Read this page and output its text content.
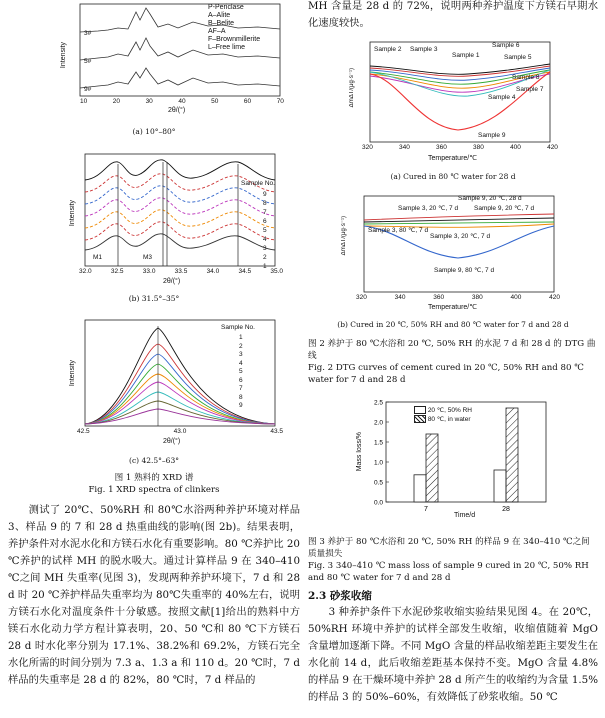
P-Periclase
A–Alite
B–Belite
AF–A
F–Brownmillerite
L–Free lime
3#
5#
9#
Intensity
10	20	30	40	50	60	70
2θ/(°)
(a) 10°–80°
Sample No.
9
8
7
6
5
4
3
2
1
M1	M3
Intensity
32.0	32.5	33.0	33.5	34.0	34.5	35.0
2θ/(°)
(b) 31.5°–35°
Sample No.
1
2
3
4
5
6
7
8
9
Intensity
42.5	43.0	43.5
2θ/(°)
(c) 42.5°–63°
图 1 熟料的 XRD 谱
Fig. 1 XRD spectra of clinkers

测试了 20℃、50%RH 和 80℃水浴两种养护环境对样品 3、样品 9 的 7 和 28 d 热重曲线的影响(图 2b)。结果表明，养护条件对水泥水化和方镁石水化有重要影响。80 ℃养护比 20 ℃养护的试样 MH 的脱水吸大。通过计算样品 9 在 340–410 ℃之间 MH 失重率(见图 3)，发现两种养护环境下，7 d 和 28 d 时 20 ℃养护样品失重率均为 80℃失重率的 40%左右，说明方镁石水化对温度条件十分敏感。按照文献[1]给出的熟料中方镁石水化动力学方程计算表明，20、50 ℃和 80 ℃下方镁石 28 d 时水化率分别为 17.1%、38.2%和 69.2%，方镁石完全水化所需的时间分别为 7.3 a、1.3 a 和 110 d。20 ℃时，7 d 样品的失重率是 28 d 的 82%，80 ℃时，7 d 样品的

MH 含量是 28 d 的 72%，说明两种养护温度下方镁石早期水化速度较快。

Sample 2 Sample 3
Sample 1
Sample 6
Sample 5
Sample 8
Sample 4
Sample 7
Sample 9
ΔmΔT/(μg·s⁻¹)
320	340	360	380	400	420
Temperature/℃
(a) Cured in 80 ℃ water for 28 d
Sample 9, 20 ℃, 28 d
Sample 3, 20 ℃, 7 d Sample 9, 20 ℃, 7 d
Sample 3, 80 ℃, 7 d
Sample 3, 20 ℃, 7 d
Sample 9, 80 ℃, 7 d
ΔmΔT/(μg·s⁻¹)
320	340	360	380	400	420
Temperature/℃
(b) Cured in 20 ℃, 50% RH and 80 ℃ water for 7 d and 28 d
图 2 养护于 80 ℃水浴和 20 ℃, 50% RH 的水泥 7 d 和 28 d 的 DTG 曲线
Fig. 2 DTG curves of cement cured in 20 ℃, 50% RH and 80 ℃ water for 7 d and 28 d
0.0
0.5
1.0
1.5
2.0
2.5
7	28
20 ℃, 50% RH
80 ℃, in water
Mass loss/%
Time/d
图 3 养护于 80 ℃水浴和 20 ℃, 50% RH 的样品 9 在 340–410 ℃之间质量损失
Fig. 3 340–410 ℃ mass loss of sample 9 cured in 20 ℃, 50% RH and 80 ℃ water for 7 d and 28 d
2.3 砂浆收缩

3 种养护条件下水泥砂浆收缩实验结果见图 4。在 20℃，50%RH 环境中养护的试样全部发生收缩，收缩值随着 MgO 含量增加逐渐下降。不同 MgO 含量的样品收缩差距主要发生在水化前 14 d，此后收缩差距基本保持不变。MgO 含量 4.8%的样品 9 在干燥环境中养护 28 d 所产生的收缩约为含量 1.5%的样品 3 的 50%–60%，有效降低了砂浆收缩。50 ℃
